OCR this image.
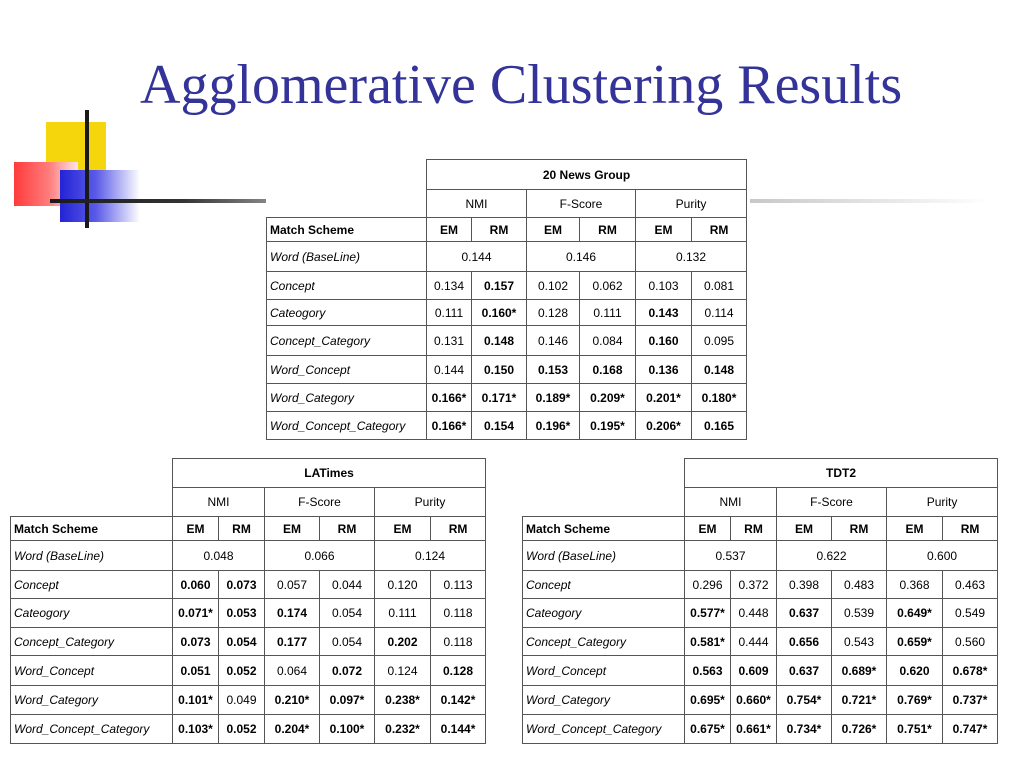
Agglomerative Clustering Results
	20 News Group					
	NMI		F-Score		Purity	
Match Scheme	EM	RM	EM	RM	EM	RM
Word (BaseLine)	0.144		0.146		0.132	
Concept	0.134	0.157	0.102	0.062	0.103	0.081
Cateogory	0.111	0.160*	0.128	0.111	0.143	0.114
Concept_Category	0.131	0.148	0.146	0.084	0.160	0.095
Word_Concept	0.144	0.150	0.153	0.168	0.136	0.148
Word_Category	0.166*	0.171*	0.189*	0.209*	0.201*	0.180*
Word_Concept_Category	0.166*	0.154	0.196*	0.195*	0.206*	0.165
	LATimes					
	NMI		F-Score		Purity	
Match Scheme	EM	RM	EM	RM	EM	RM
Word (BaseLine)	0.048		0.066		0.124	
Concept	0.060	0.073	0.057	0.044	0.120	0.113
Cateogory	0.071*	0.053	0.174	0.054	0.111	0.118
Concept_Category	0.073	0.054	0.177	0.054	0.202	0.118
Word_Concept	0.051	0.052	0.064	0.072	0.124	0.128
Word_Category	0.101*	0.049	0.210*	0.097*	0.238*	0.142*
Word_Concept_Category	0.103*	0.052	0.204*	0.100*	0.232*	0.144*
	TDT2					
	NMI		F-Score		Purity	
Match Scheme	EM	RM	EM	RM	EM	RM
Word (BaseLine)	0.537		0.622		0.600	
Concept	0.296	0.372	0.398	0.483	0.368	0.463
Cateogory	0.577*	0.448	0.637	0.539	0.649*	0.549
Concept_Category	0.581*	0.444	0.656	0.543	0.659*	0.560
Word_Concept	0.563	0.609	0.637	0.689*	0.620	0.678*
Word_Category	0.695*	0.660*	0.754*	0.721*	0.769*	0.737*
Word_Concept_Category	0.675*	0.661*	0.734*	0.726*	0.751*	0.747*
